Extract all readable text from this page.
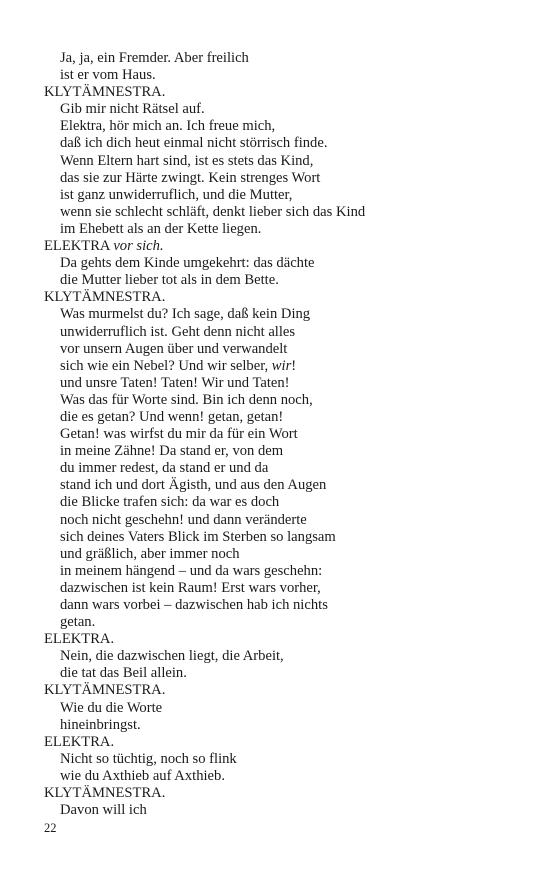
Ja, ja, ein Fremder. Aber freilich
ist er vom Haus.
KLYTÄMNESTRA.
Gib mir nicht Rätsel auf.
Elektra, hör mich an. Ich freue mich,
daß ich dich heut einmal nicht störrisch finde.
Wenn Eltern hart sind, ist es stets das Kind,
das sie zur Härte zwingt. Kein strenges Wort
ist ganz unwiderruflich, und die Mutter,
wenn sie schlecht schläft, denkt lieber sich das Kind
im Ehebett als an der Kette liegen.
ELEKTRA vor sich.
Da gehts dem Kinde umgekehrt: das dächte
die Mutter lieber tot als in dem Bette.
KLYTÄMNESTRA.
Was murmelst du? Ich sage, daß kein Ding
unwiderruflich ist. Geht denn nicht alles
vor unsern Augen über und verwandelt
sich wie ein Nebel? Und wir selber, wir!
und unsre Taten! Taten! Wir und Taten!
Was das für Worte sind. Bin ich denn noch,
die es getan? Und wenn! getan, getan!
Getan! was wirfst du mir da für ein Wort
in meine Zähne! Da stand er, von dem
du immer redest, da stand er und da
stand ich und dort Ägisth, und aus den Augen
die Blicke trafen sich: da war es doch
noch nicht geschehn! und dann veränderte
sich deines Vaters Blick im Sterben so langsam
und gräßlich, aber immer noch
in meinem hängend – und da wars geschehn:
dazwischen ist kein Raum! Erst wars vorher,
dann wars vorbei – dazwischen hab ich nichts
getan.
ELEKTRA.
Nein, die dazwischen liegt, die Arbeit,
die tat das Beil allein.
KLYTÄMNESTRA.
Wie du die Worte
hineinbringst.
ELEKTRA.
Nicht so tüchtig, noch so flink
wie du Axthieb auf Axthieb.
KLYTÄMNESTRA.
Davon will ich
22
